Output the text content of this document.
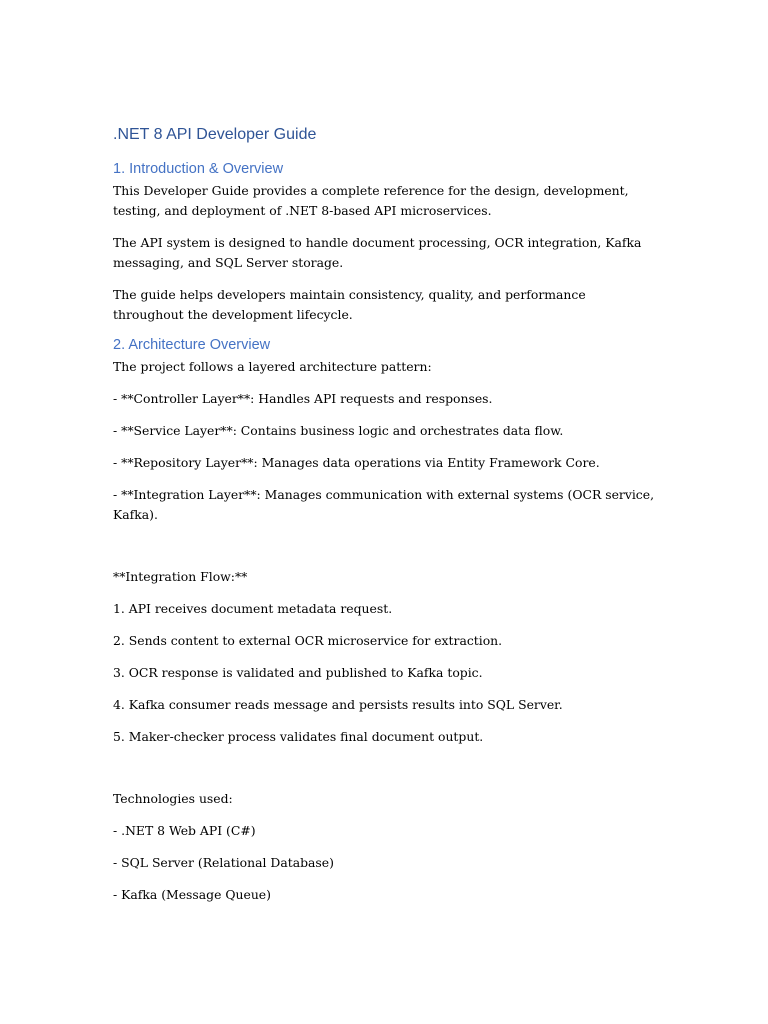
.NET 8 API Developer Guide
1. Introduction & Overview

This Developer Guide provides a complete reference for the design, development, testing, and deployment of .NET 8-based API microservices.

The API system is designed to handle document processing, OCR integration, Kafka messaging, and SQL Server storage.

The guide helps developers maintain consistency, quality, and performance throughout the development lifecycle.

2. Architecture Overview

The project follows a layered architecture pattern:

- **Controller Layer**: Handles API requests and responses.

- **Service Layer**: Contains business logic and orchestrates data flow.

- **Repository Layer**: Manages data operations via Entity Framework Core.

- **Integration Layer**: Manages communication with external systems (OCR service, Kafka).

**Integration Flow:**

1. API receives document metadata request.

2. Sends content to external OCR microservice for extraction.

3. OCR response is validated and published to Kafka topic.

4. Kafka consumer reads message and persists results into SQL Server.

5. Maker-checker process validates final document output.

Technologies used:

- .NET 8 Web API (C#)

- SQL Server (Relational Database)

- Kafka (Message Queue)
